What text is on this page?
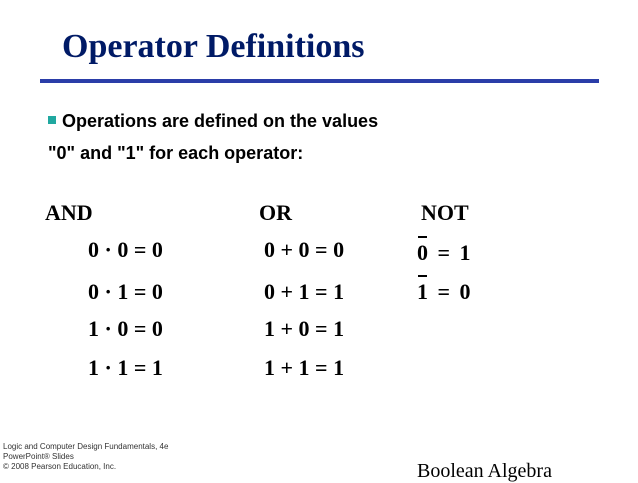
Operator Definitions
Operations are defined on the values
"0" and "1" for each operator:
AND
0 · 0 = 0
0 · 1 = 0
1 · 0 = 0
1 · 1 = 1
OR
0 + 0 = 0
0 + 1 = 1
1 + 0 = 1
1 + 1 = 1
NOT
0 = 1
1 = 0
Logic and Computer Design Fundamentals, 4e
PowerPoint® Slides
© 2008 Pearson Education, Inc.	Boolean Algebra
